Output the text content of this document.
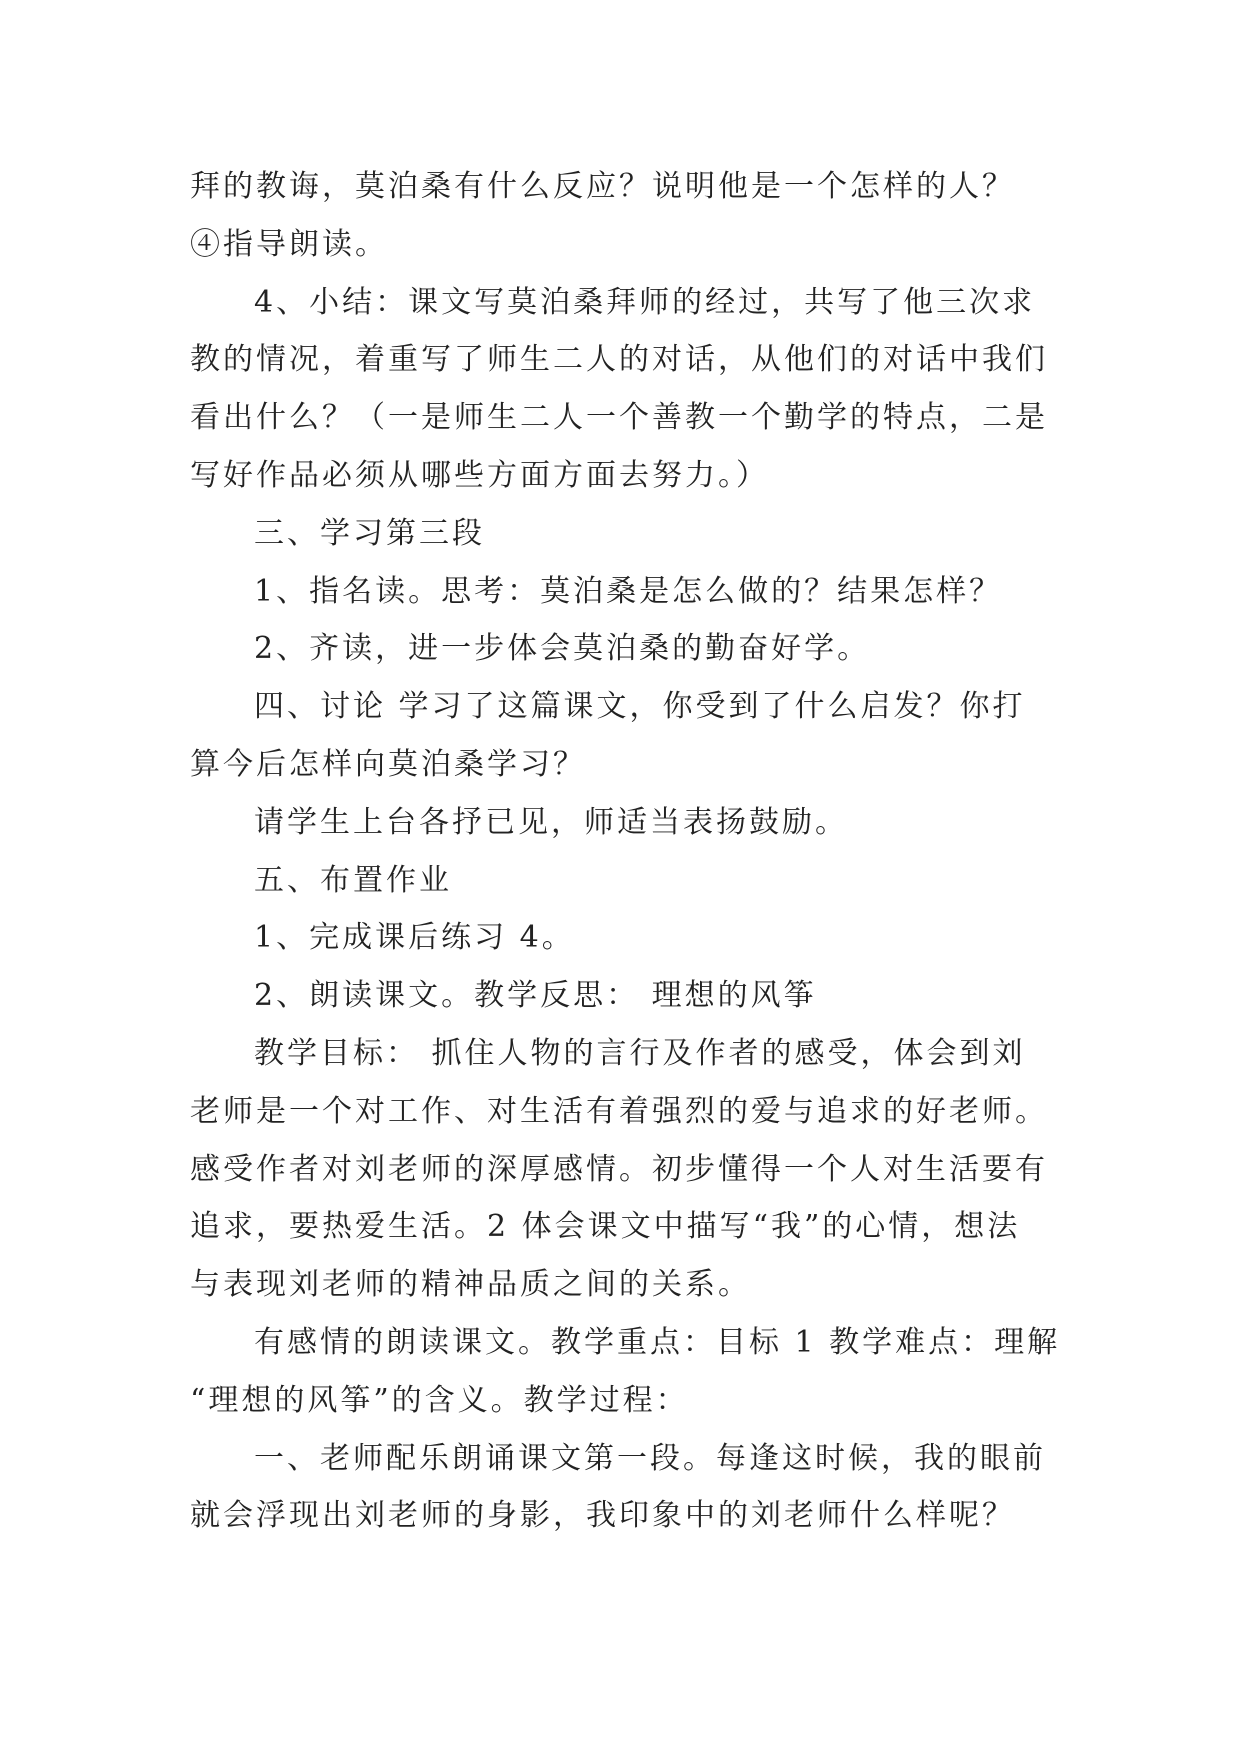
拜的教诲，莫泊桑有什么反应？说明他是一个怎样的人？
④指导朗读。
4、小结：课文写莫泊桑拜师的经过，共写了他三次求
教的情况，着重写了师生二人的对话，从他们的对话中我们
看出什么？（一是师生二人一个善教一个勤学的特点，二是
写好作品必须从哪些方面方面去努力。）
三、学习第三段
1、指名读。思考：莫泊桑是怎么做的？结果怎样？
2、齐读，进一步体会莫泊桑的勤奋好学。
四、讨论 学习了这篇课文，你受到了什么启发？你打
算今后怎样向莫泊桑学习？
请学生上台各抒已见，师适当表扬鼓励。
五、布置作业
1、完成课后练习 4。
2、朗读课文。教学反思： 理想的风筝
教学目标： 抓住人物的言行及作者的感受，体会到刘
老师是一个对工作、对生活有着强烈的爱与追求的好老师。
感受作者对刘老师的深厚感情。初步懂得一个人对生活要有
追求，要热爱生活。2 体会课文中描写“我”的心情，想法
与表现刘老师的精神品质之间的关系。
有感情的朗读课文。教学重点：目标 1 教学难点：理解
“理想的风筝”的含义。教学过程：
一、老师配乐朗诵课文第一段。每逢这时候，我的眼前
就会浮现出刘老师的身影，我印象中的刘老师什么样呢？
